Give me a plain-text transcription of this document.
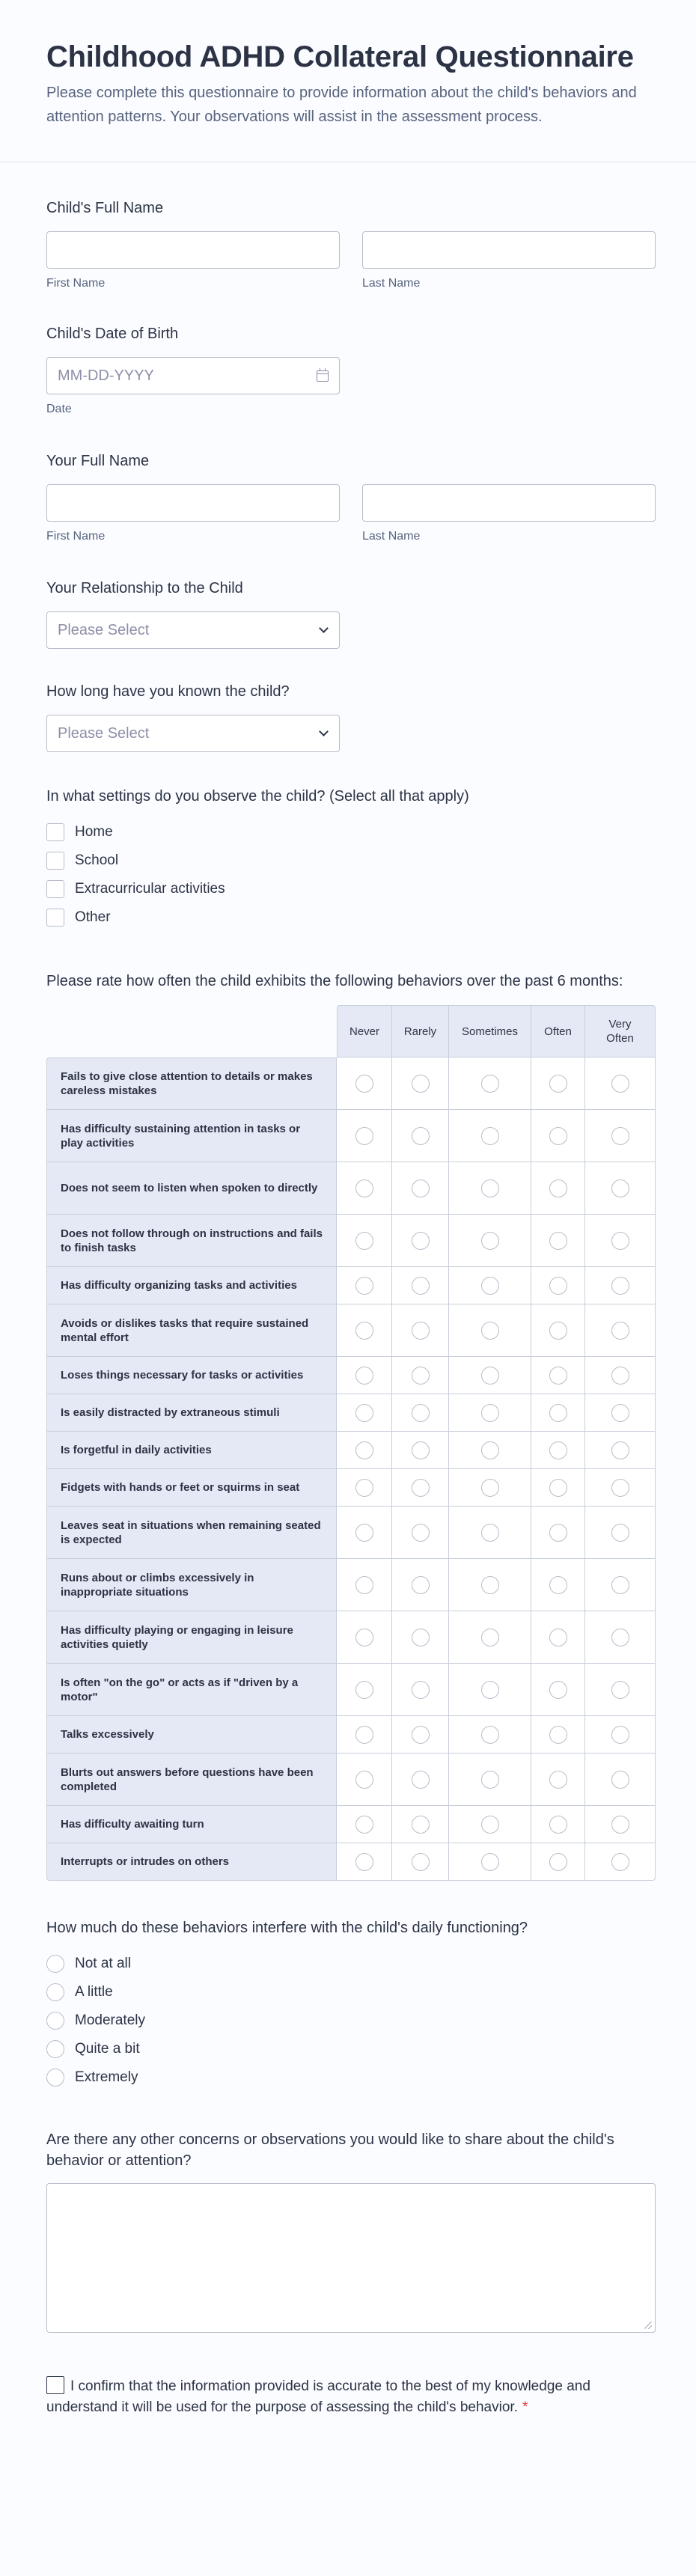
Childhood ADHD Collateral Questionnaire

Please complete this questionnaire to provide information about the child's behaviors and attention patterns. Your observations will assist in the assessment process.

Child's Full Name
First Name	Last Name
Child's Date of Birth
MM-DD-YYYY
Date
Your Full Name
First Name	Last Name
Your Relationship to the Child
Please Select
How long have you known the child?
Please Select
In what settings do you observe the child? (Select all that apply)
Home
School
Extracurricular activities
Other
Please rate how often the child exhibits the following behaviors over the past 6 months:
	Never	Rarely	Sometimes	Often	Very Often
Fails to give close attention to details or makes careless mistakes					
Has difficulty sustaining attention in tasks or play activities					
Does not seem to listen when spoken to directly					
Does not follow through on instructions and fails to finish tasks					
Has difficulty organizing tasks and activities					
Avoids or dislikes tasks that require sustained mental effort					
Loses things necessary for tasks or activities					
Is easily distracted by extraneous stimuli					
Is forgetful in daily activities					
Fidgets with hands or feet or squirms in seat					
Leaves seat in situations when remaining seated is expected					
Runs about or climbs excessively in inappropriate situations					
Has difficulty playing or engaging in leisure activities quietly					
Is often "on the go" or acts as if "driven by a motor"					
Talks excessively					
Blurts out answers before questions have been completed					
Has difficulty awaiting turn					
Interrupts or intrudes on others					
How much do these behaviors interfere with the child's daily functioning?
Not at all
A little
Moderately
Quite a bit
Extremely
Are there any other concerns or observations you would like to share about the child's behavior or attention?
I confirm that the information provided is accurate to the best of my knowledge and understand it will be used for the purpose of assessing the child's behavior. *
